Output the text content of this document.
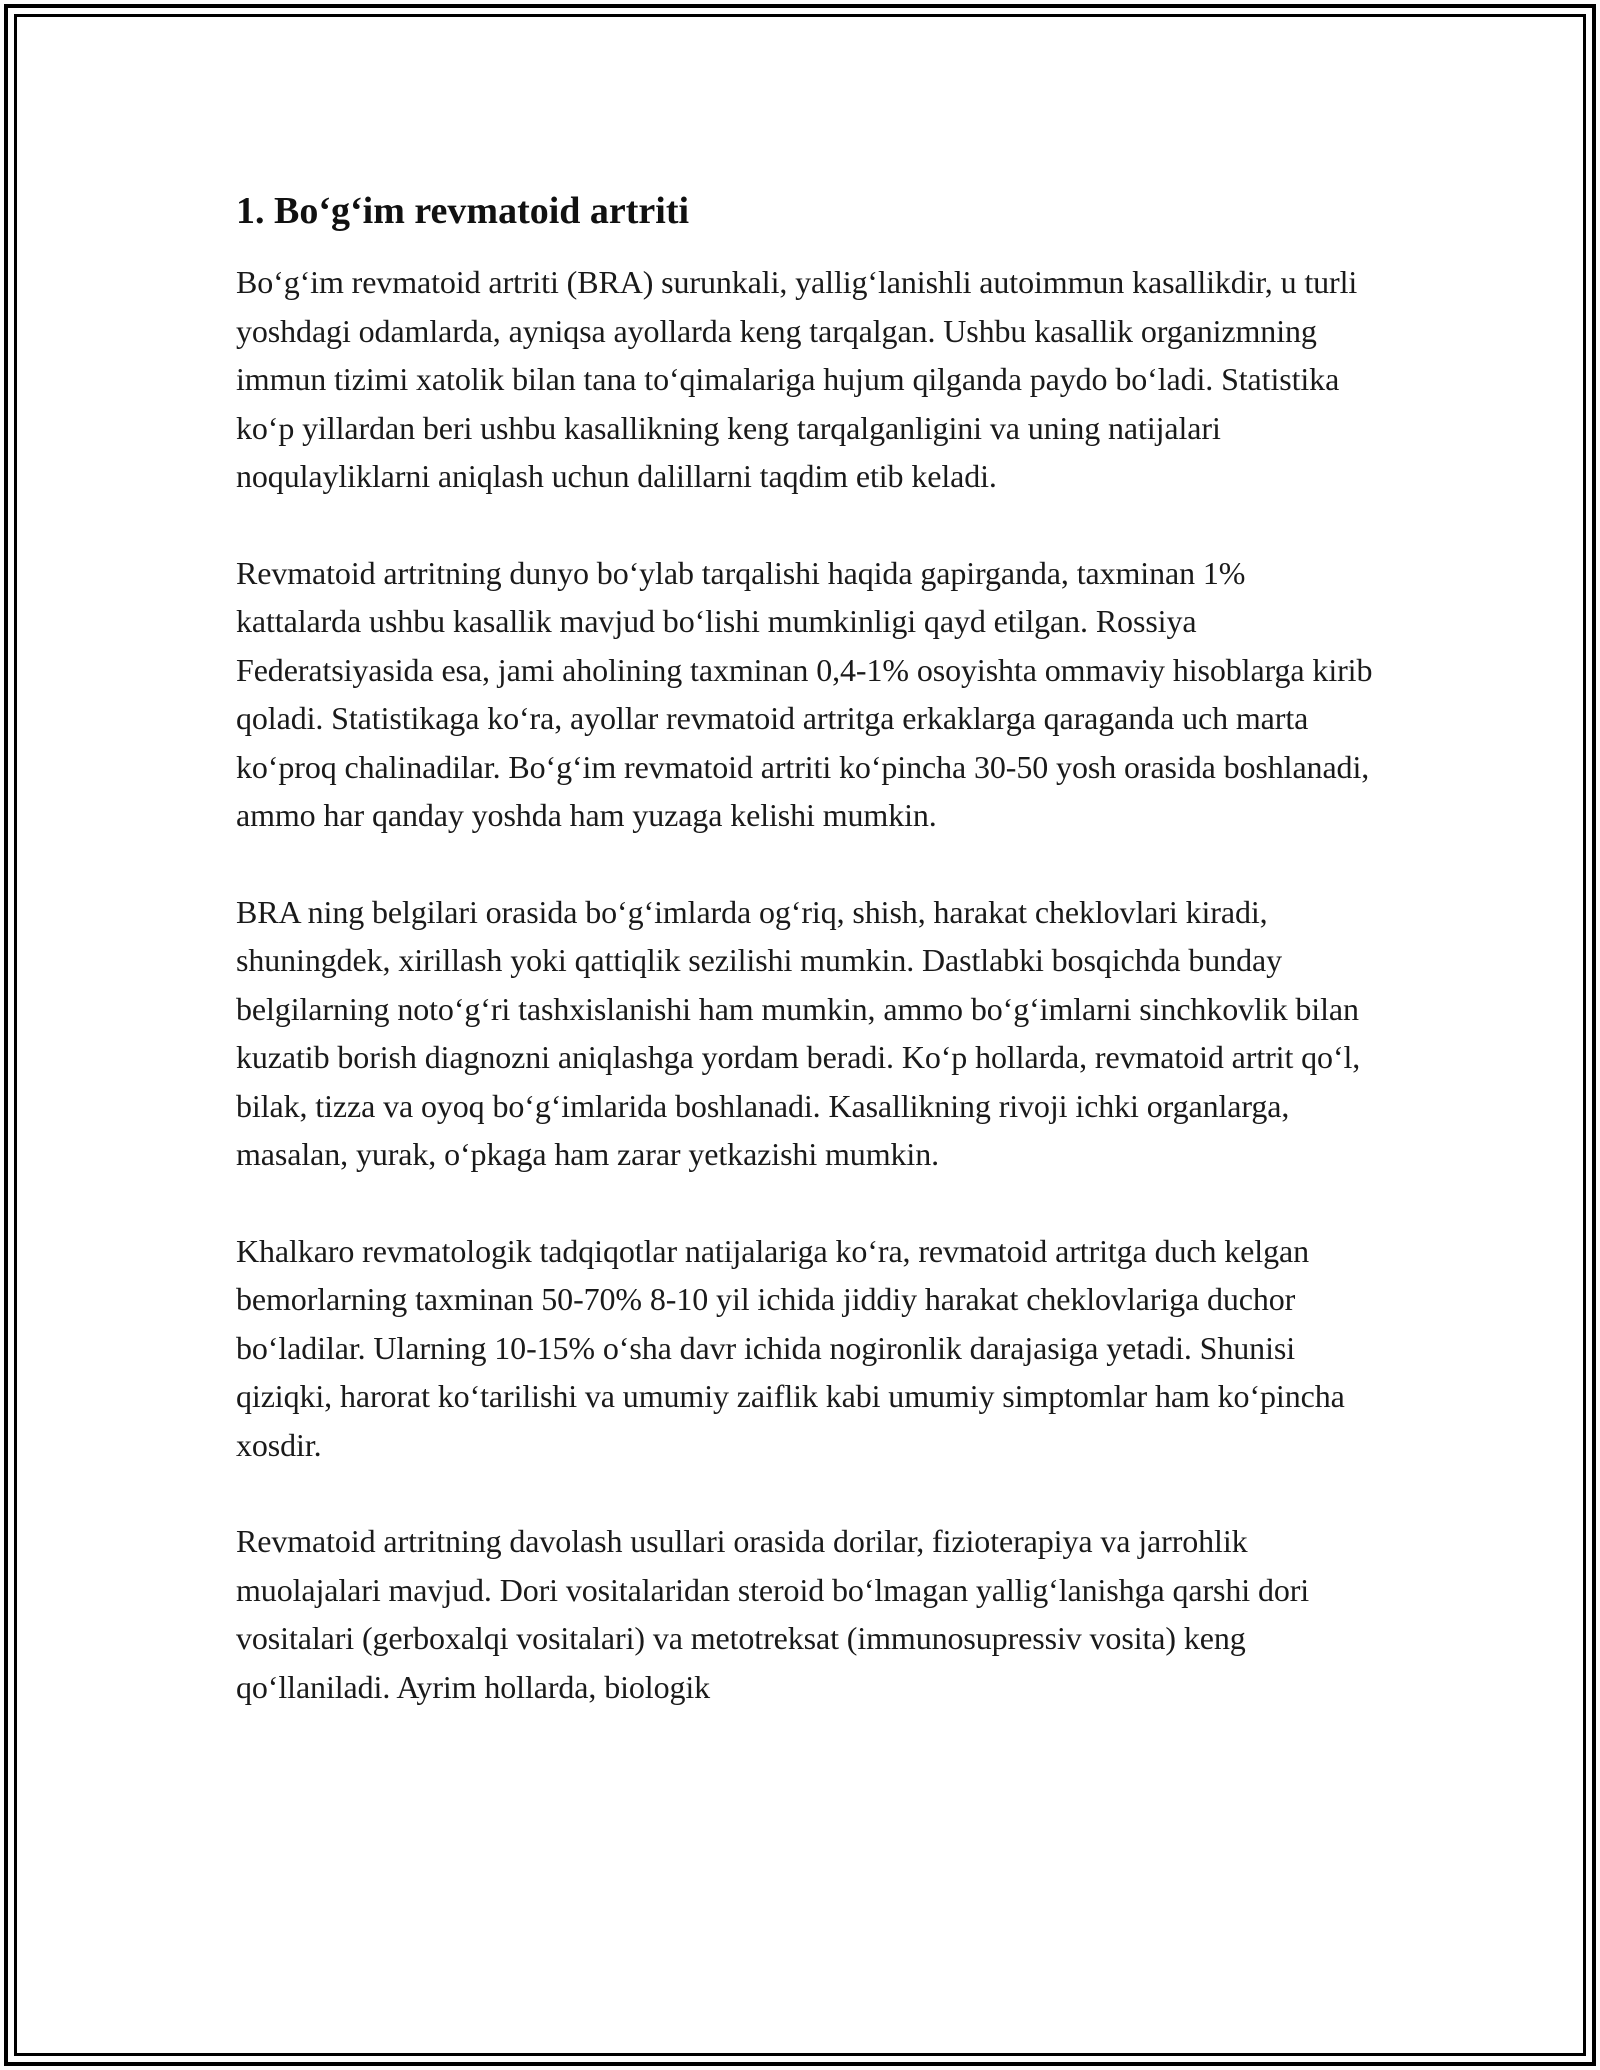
1. Bo‘g‘im revmatoid artriti

Bo‘g‘im revmatoid artriti (BRA) surunkali, yallig‘lanishli autoimmun kasallikdir, u turli yoshdagi odamlarda, ayniqsa ayollarda keng tarqalgan. Ushbu kasallik organizmning immun tizimi xatolik bilan tana to‘qimalariga hujum qilganda paydo bo‘ladi. Statistika ko‘p yillardan beri ushbu kasallikning keng tarqalganligini va uning natijalari noqulayliklarni aniqlash uchun dalillarni taqdim etib keladi.

Revmatoid artritning dunyo bo‘ylab tarqalishi haqida gapirganda, taxminan 1% kattalarda ushbu kasallik mavjud bo‘lishi mumkinligi qayd etilgan. Rossiya Federatsiyasida esa, jami aholining taxminan 0,4-1% osoyishta ommaviy hisoblarga kirib qoladi. Statistikaga ko‘ra, ayollar revmatoid artritga erkaklarga qaraganda uch marta ko‘proq chalinadilar. Bo‘g‘im revmatoid artriti ko‘pincha 30-50 yosh orasida boshlanadi, ammo har qanday yoshda ham yuzaga kelishi mumkin.

BRA ning belgilari orasida bo‘g‘imlarda og‘riq, shish, harakat cheklovlari kiradi, shuningdek, xirillash yoki qattiqlik sezilishi mumkin. Dastlabki bosqichda bunday belgilarning noto‘g‘ri tashxislanishi ham mumkin, ammo bo‘g‘imlarni sinchkovlik bilan kuzatib borish diagnozni aniqlashga yordam beradi. Ko‘p hollarda, revmatoid artrit qo‘l, bilak, tizza va oyoq bo‘g‘imlarida boshlanadi. Kasallikning rivoji ichki organlarga, masalan, yurak, o‘pkaga ham zarar yetkazishi mumkin.

Khalkaro revmatologik tadqiqotlar natijalariga ko‘ra, revmatoid artritga duch kelgan bemorlarning taxminan 50-70% 8-10 yil ichida jiddiy harakat cheklovlariga duchor bo‘ladilar. Ularning 10-15% o‘sha davr ichida nogironlik darajasiga yetadi. Shunisi qiziqki, harorat ko‘tarilishi va umumiy zaiflik kabi umumiy simptomlar ham ko‘pincha xosdir.

Revmatoid artritning davolash usullari orasida dorilar, fizioterapiya va jarrohlik muolajalari mavjud. Dori vositalaridan steroid bo‘lmagan yallig‘lanishga qarshi dori vositalari (gerboxalqi vositalari) va metotreksat (immunosupressiv vosita) keng qo‘llaniladi. Ayrim hollarda, biologik
